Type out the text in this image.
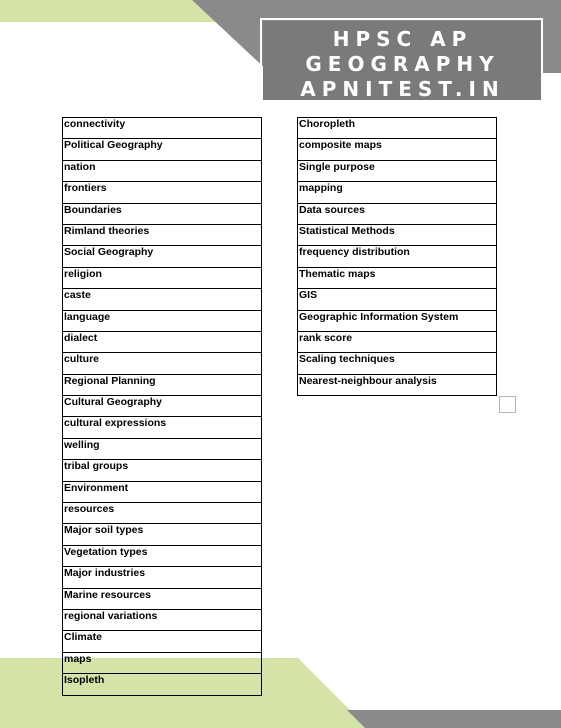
HPSC AP
GEOGRAPHY
APNITEST.IN
connectivity
Political Geography
nation
frontiers
Boundaries
Rimland theories
Social Geography
religion
caste
language
dialect
culture
Regional Planning
Cultural Geography
cultural expressions
welling
tribal groups
Environment
resources
Major soil types
Vegetation types
Major industries
Marine resources
regional variations
Climate
maps
Isopleth
Choropleth
composite maps
Single purpose
mapping
Data sources
Statistical Methods
frequency distribution
Thematic maps
GIS
Geographic Information System
rank score
Scaling techniques
Nearest-neighbour analysis
